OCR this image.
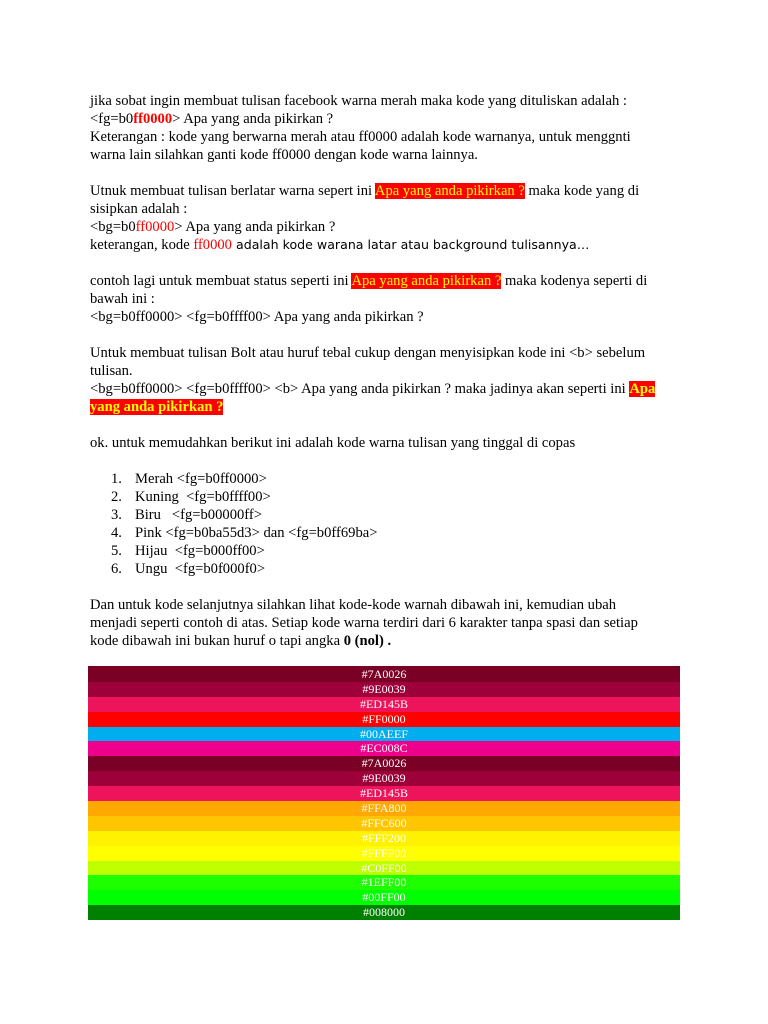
jika sobat ingin membuat tulisan facebook warna merah maka kode yang dituliskan adalah :
<fg=b0ff0000> Apa yang anda pikirkan ?
Keterangan : kode yang berwarna merah atau ff0000 adalah kode warnanya, untuk menggnti
warna lain silahkan ganti kode ff0000 dengan kode warna lainnya.
Utnuk membuat tulisan berlatar warna sepert ini Apa yang anda pikirkan ? maka kode yang di
sisipkan adalah :
<bg=b0ff0000> Apa yang anda pikirkan ?
keterangan, kode ff0000 adalah kode warana latar atau background tulisannya…
contoh lagi untuk membuat status seperti ini Apa yang anda pikirkan ? maka kodenya seperti di
bawah ini :
<bg=b0ff0000> <fg=b0ffff00> Apa yang anda pikirkan ?
Untuk membuat tulisan Bolt atau huruf tebal cukup dengan menyisipkan kode ini <b> sebelum
tulisan.
<bg=b0ff0000> <fg=b0ffff00> <b> Apa yang anda pikirkan ? maka jadinya akan seperti ini Apa
yang anda pikirkan ?
ok. untuk memudahkan berikut ini adalah kode warna tulisan yang tinggal di copas
1. Merah <fg=b0ff0000>
2. Kuning  <fg=b0ffff00>
3. Biru   <fg=b00000ff>
4. Pink <fg=b0ba55d3> dan <fg=b0ff69ba>
5. Hijau  <fg=b000ff00>
6. Ungu  <fg=b0f000f0>
Dan untuk kode selanjutnya silahkan lihat kode-kode warnah dibawah ini, kemudian ubah
menjadi seperti contoh di atas. Setiap kode warna terdiri dari 6 karakter tanpa spasi dan setiap
kode dibawah ini bukan huruf o tapi angka 0 (nol) .
#7A0026
#9E0039
#ED145B
#FF0000
#00AEEF
#EC008C
#7A0026
#9E0039
#ED145B
#FFA800
#FFC600
#FFF200
#FFFF00
#C0FF00
#1EFF00
#00FF00
#008000
